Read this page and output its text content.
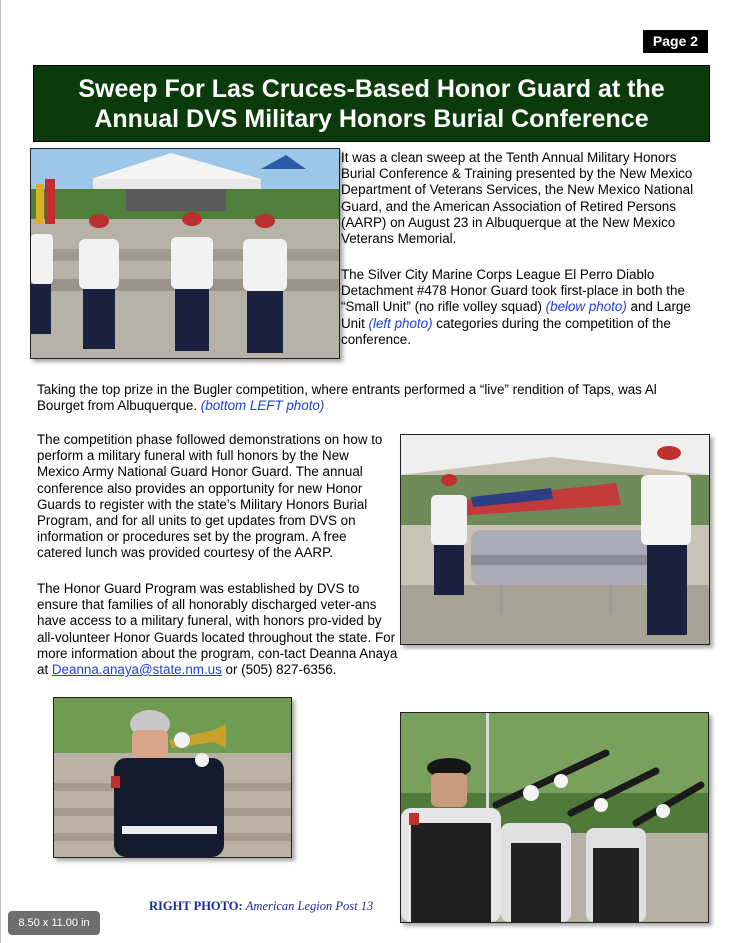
Page 2
Sweep For Las Cruces-Based Honor Guard at the Annual DVS Military Honors Burial Conference

It was a clean sweep at the Tenth Annual Military Honors Burial Conference & Training presented by the New Mexico Department of Veterans Services, the New Mexico National Guard, and the American Association of Retired Persons (AARP) on August 23 in Albuquerque at the New Mexico Veterans Memorial.

The Silver City Marine Corps League El Perro Diablo Detachment #478 Honor Guard took first-place in both the “Small Unit” (no rifle volley squad) (below photo) and Large Unit (left photo) categories during the competition of the conference.

Taking the top prize in the Bugler competition, where entrants performed a “live” rendition of Taps, was Al Bourget from Albuquerque. (bottom LEFT photo)

The competition phase followed demonstrations on how to perform a military funeral with full honors by the New Mexico Army National Guard Honor Guard. The annual conference also provides an opportunity for new Honor Guards to register with the state’s Military Honors Burial Program, and for all units to get updates from DVS on information or procedures set by the program. A free catered lunch was provided courtesy of the AARP.

The Honor Guard Program was established by DVS to ensure that families of all honorably discharged veter-ans have access to a military funeral, with honors pro-vided by all-volunteer Honor Guards located throughout the state. For more information about the program, con-tact Deanna Anaya at Deanna.anaya@state.nm.us or (505) 827-6356.

RIGHT PHOTO: American Legion Post 13
8.50 x 11.00 in
